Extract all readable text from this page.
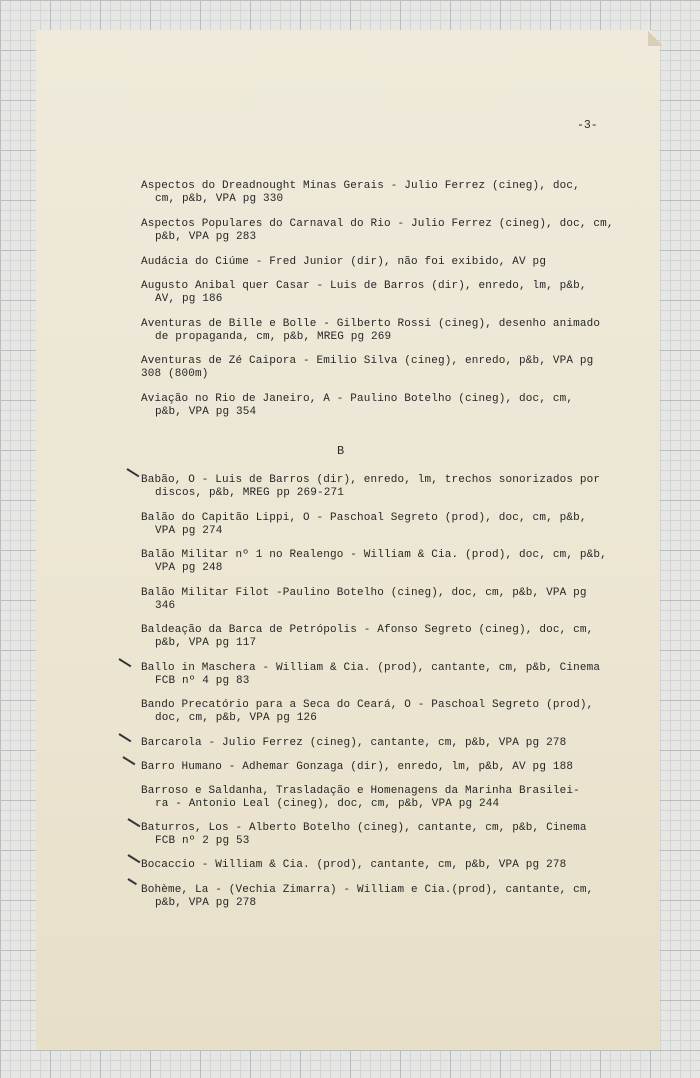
-3-
Aspectos do Dreadnought Minas Gerais - Julio Ferrez (cineg), doc,
cm, p&b, VPA pg 330
Aspectos Populares do Carnaval do Rio - Julio Ferrez (cineg), doc, cm,
p&b, VPA pg 283
Audácia do Ciúme - Fred Junior (dir), não foi exibido, AV pg
Augusto Anibal quer Casar - Luis de Barros (dir), enredo, lm, p&b,
AV, pg 186
Aventuras de Bille e Bolle - Gilberto Rossi (cineg), desenho animado
de propaganda, cm, p&b, MREG pg 269
Aventuras de Zé Caipora - Emilio Silva (cineg), enredo, p&b, VPA pg
308 (800m)
Aviação no Rio de Janeiro, A - Paulino Botelho (cineg), doc, cm,
p&b, VPA pg 354
B
Babão, O - Luis de Barros (dir), enredo, lm, trechos sonorizados por
discos, p&b, MREG pp 269-271
Balão do Capitão Lippi, O - Paschoal Segreto (prod), doc, cm, p&b,
VPA pg 274
Balão Militar nº 1 no Realengo - William & Cia. (prod), doc, cm, p&b,
VPA pg 248
Balão Militar Filot -Paulino Botelho (cineg), doc, cm, p&b, VPA pg
346
Baldeação da Barca de Petrópolis - Afonso Segreto (cineg), doc, cm,
p&b, VPA pg 117
Ballo in Maschera - William & Cia. (prod), cantante, cm, p&b, Cinema
FCB nº 4 pg 83
Bando Precatório para a Seca do Ceará, O - Paschoal Segreto (prod),
doc, cm, p&b, VPA pg 126
Barcarola - Julio Ferrez (cineg), cantante, cm, p&b, VPA pg 278
Barro Humano - Adhemar Gonzaga (dir), enredo, lm, p&b, AV pg 188
Barroso e Saldanha, Trasladação e Homenagens da Marinha Brasilei-
ra - Antonio Leal (cineg), doc, cm, p&b, VPA pg 244
Baturros, Los - Alberto Botelho (cineg), cantante, cm, p&b, Cinema
FCB nº 2 pg 53
Bocaccio - William & Cia. (prod), cantante, cm, p&b, VPA pg 278
Bohème, La - (Vechia Zimarra) - William e Cia.(prod), cantante, cm,
p&b, VPA pg 278
